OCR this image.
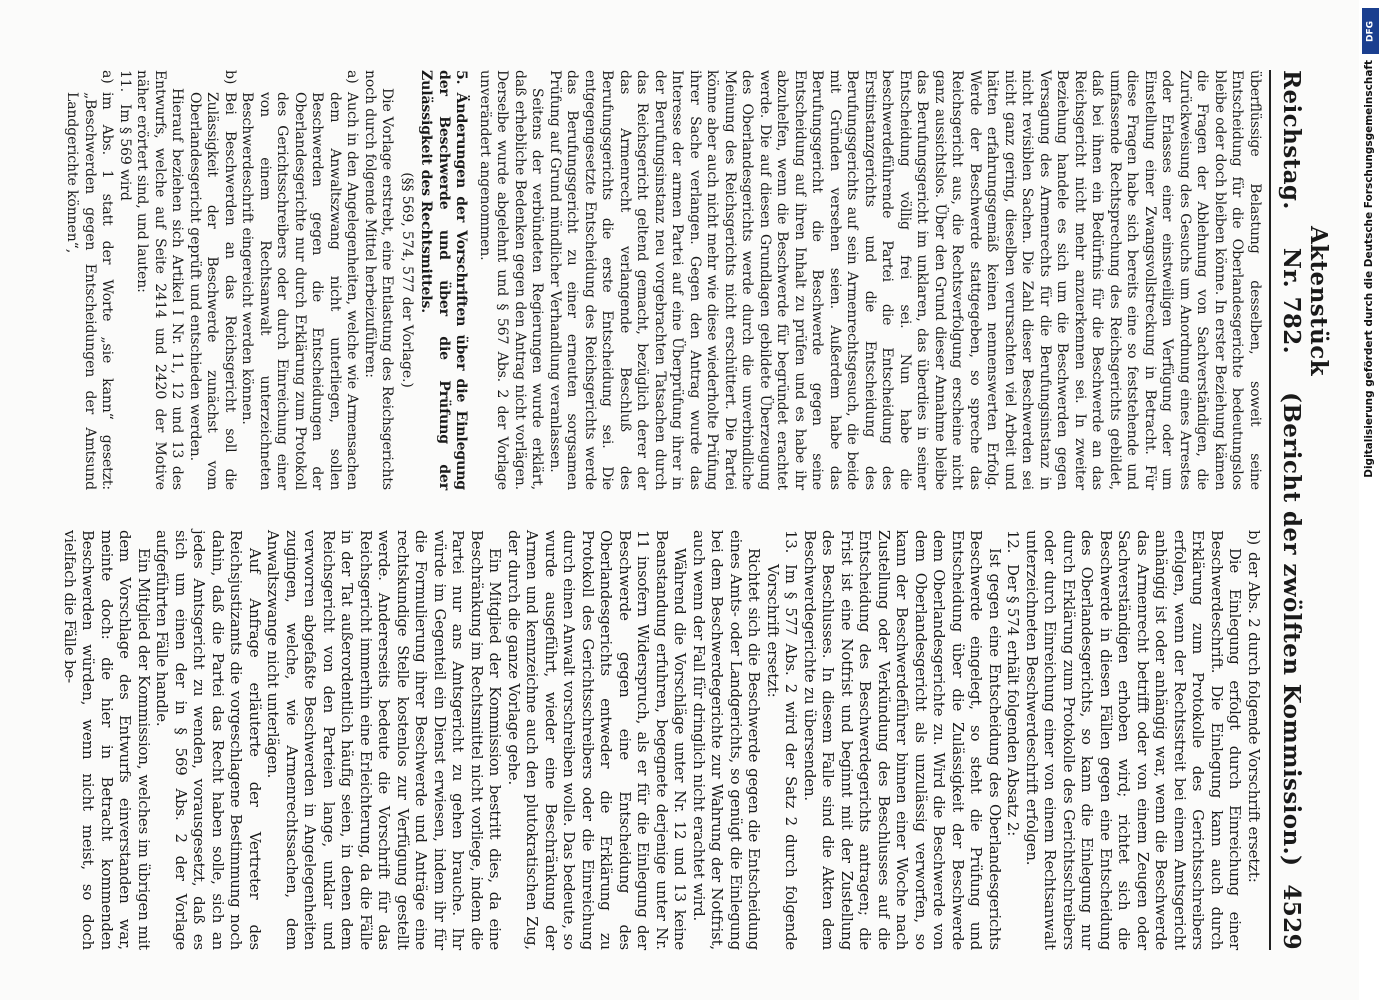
Reichstag.
Aktenstück Nr. 782.
(Bericht der zwölften Kommission.)
4529

überflüssige Belastung desselben, soweit seine Entscheidung für die Oberlandesgerichte bedeutungslos bleibe oder doch bleiben könne. In erster Beziehung kämen die Fragen der Ablehnung von Sachverständigen, die Zurückweisung des Gesuchs um Anordnung eines Arrestes oder Erlasses einer einstweiligen Verfügung oder um Einstellung einer Zwangsvollstreckung in Betracht. Für diese Fragen habe sich bereits eine so feststehende und umfassende Rechtsprechung des Reichsgerichts gebildet, daß bei ihnen ein Bedürfnis für die Beschwerde an das Reichsgericht nicht mehr anzuerkennen sei. In zweiter Beziehung handele es sich um die Beschwerden gegen Versagung des Armenrechts für die Berufungsinstanz in nicht revisiblen Sachen. Die Zahl dieser Beschwerden sei nicht ganz gering, dieselben verursachten viel Arbeit und hätten erfahrungsgemäß keinen nennenswerten Erfolg. Werde der Beschwerde stattgegeben, so spreche das Reichsgericht aus, die Rechtsverfolgung erscheine nicht ganz aussichtslos. Über den Grund dieser Annahme bleibe das Berufungsgericht im unklaren, das überdies in seiner Entscheidung völlig frei sei. Nun habe die beschwerdeführende Partei die Entscheidung des Erstinstanzgerichts und die Entscheidung des Berufungsgerichts auf sein Armenrechtsgesuch, die beide mit Gründen versehen seien. Außerdem habe das Berufungsgericht die Beschwerde gegen seine Entscheidung auf ihren Inhalt zu prüfen und es habe ihr abzuhelfen, wenn die Beschwerde für begründet erachtet werde. Die auf diesen Grundlagen gebildete Überzeugung des Oberlandesgerichts werde durch die unverbindliche Meinung des Reichsgerichts nicht erschüttert. Die Partei könne aber auch nicht mehr wie diese wiederholte Prüfung ihrer Sache verlangen. Gegen den Antrag wurde das Interesse der armen Partei auf eine Überprüfung ihrer in der Berufungsinstanz neu vorgebrachten Tatsachen durch das Reichsgericht geltend gemacht, bezüglich derer der das Armenrecht verlangende Beschluß des Berufungsgerichts die erste Entscheidung sei. Die entgegengesetzte Entscheidung des Reichsgerichts werde das Berufungsgericht zu einer erneuten sorgsamen Prüfung auf Grund mündlicher Verhandlung veranlassen.

Seitens der verbündeten Regierungen wurde erklärt, daß erhebliche Bedenken gegen den Antrag nicht vorlägen. Derselbe wurde abgelehnt und § 567 Abs. 2 der Vorlage unverändert angenommen.

5. Änderungen der Vorschriften über die Einlegung der Beschwerde und über die Prüfung der Zulässigkeit des Rechtsmittels.

(§§ 569, 574, 577 der Vorlage.)

Die Vorlage erstrebt, eine Entlastung des Reichsgerichts noch durch folgende Mittel herbeizuführen:

a)
Auch in den Angelegenheiten, welche wie Armensachen dem Anwaltszwang nicht unterliegen, sollen Beschwerden gegen die Entscheidungen der Oberlandesgerichte nur durch Erklärung zum Protokoll des Gerichtsschreibers oder durch Einreichung einer von einem Rechtsanwalt unterzeichneten Beschwerdeschrift eingereicht werden können.

b)
Bei Beschwerden an das Reichsgericht soll die Zulässigkeit der Beschwerde zunächst vom Oberlandesgericht geprüft und entschieden werden.

Hierauf beziehen sich Artikel I Nr. 11, 12 und 13 des Entwurfs, welche auf Seite 2414 und 2420 der Motive näher erörtert sind, und lauten:

11.
Im § 569 wird

a)
im Abs. 1 statt der Worte „sie kann“ gesetzt: „Beschwerden gegen Entscheidungen der Amtsund Landgerichte können“,

b)
der Abs. 2 durch folgende Vorschrift ersetzt:

Die Einlegung erfolgt durch Einreichung einer Beschwerdeschrift. Die Einlegung kann auch durch Erklärung zum Protokolle des Gerichtsschreibers erfolgen, wenn der Rechtsstreit bei einem Amtsgericht anhängig ist oder anhängig war, wenn die Beschwerde das Armenrecht betrifft oder von einem Zeugen oder Sachverständigen erhoben wird; richtet sich die Beschwerde in diesen Fällen gegen eine Entscheidung des Oberlandesgerichts, so kann die Einlegung nur durch Erklärung zum Protokolle des Gerichtsschreibers oder durch Einreichung einer von einem Rechtsanwalt unterzeichneten Beschwerdeschrift erfolgen.

12.
Der § 574 erhält folgenden Absatz 2:

Ist gegen eine Entscheidung des Oberlandesgerichts Beschwerde eingelegt, so steht die Prüfung und Entscheidung über die Zulässigkeit der Beschwerde dem Oberlandesgerichte zu. Wird die Beschwerde von dem Oberlandesgericht als unzulässig verworfen, so kann der Beschwerdeführer binnen einer Woche nach Zustellung oder Verkündung des Beschlusses auf die Entscheidung des Beschwerdegerichts antragen; die Frist ist eine Notfrist und beginnt mit der Zustellung des Beschlusses. In diesem Falle sind die Akten dem Beschwerdegerichte zu übersenden.

13.
Im § 577 Abs. 2 wird der Satz 2 durch folgende Vorschrift ersetzt:

Richtet sich die Beschwerde gegen die Entscheidung eines Amts- oder Landgerichts, so genügt die Einlegung bei dem Beschwerdegerichte zur Wahrung der Notfrist, auch wenn der Fall für dringlich nicht erachtet wird.

Während die Vorschläge unter Nr. 12 und 13 keine Beanstandung erfuhren, begegnete derjenige unter Nr. 11 insofern Widerspruch, als er für die Einlegung der Beschwerde gegen eine Entscheidung des Oberlandesgerichts entweder die Erklärung zu Protokoll des Gerichtsschreibers oder die Einreichung durch einen Anwalt vorschreiben wolle. Das bedeute, so wurde ausgeführt, wieder eine Beschränkung der Armen und kennzeichne auch den plutokratischen Zug, der durch die ganze Vorlage gehe.

Ein Mitglied der Kommission bestritt dies, da eine Beschränkung im Rechtsmittel nicht vorliege, indem die Partei nur ans Amtsgericht zu gehen brauche. Ihr würde im Gegenteil ein Dienst erwiesen, indem ihr für die Formulierung ihrer Beschwerde und Anträge eine rechtskundige Stelle kostenlos zur Verfügung gestellt werde. Andererseits bedeute die Vorschrift für das Reichsgericht immerhin eine Erleichterung, da die Fälle in der Tat außerordentlich häufig seien, in denen dem Reichsgericht von den Parteien lange, unklar und verworren abgefaßte Beschwerden in Angelegenheiten zugingen, welche, wie Armenrechtssachen, dem Anwaltszwange nicht unterlägen.

Auf Anfrage erläuterte der Vertreter des Reichsjustizamts die vorgeschlagene Bestimmung noch dahin, daß die Partei das Recht haben solle, sich an jedes Amtsgericht zu wenden, vorausgesetzt, daß es sich um einen der in § 569 Abs. 2 der Vorlage aufgeführten Fälle handle.

Ein Mitglied der Kommission, welches im übrigen mit dem Vorschlage des Entwurfs einverstanden war, meinte doch: die hier in Betracht kommenden Beschwerden würden, wenn nicht meist, so doch vielfach die Fälle be-

DFG
Digitalisierung gefördert durch die Deutsche Forschungsgemeinschaft
